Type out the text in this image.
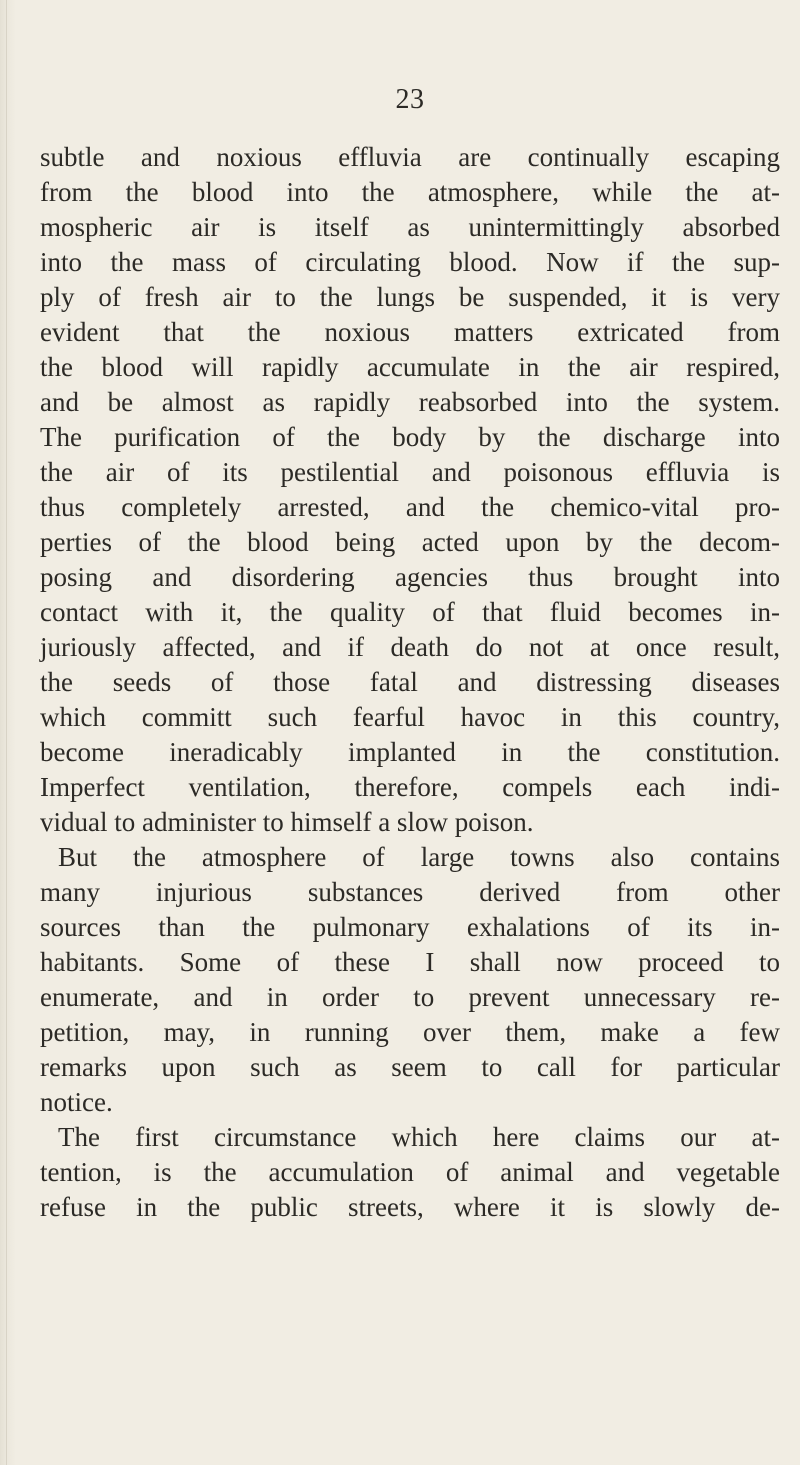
23
subtle and noxious effluvia are continually escaping
from the blood into the atmosphere, while the at-
mospheric air is itself as unintermittingly absorbed
into the mass of circulating blood. Now if the sup-
ply of fresh air to the lungs be suspended, it is very
evident that the noxious matters extricated from
the blood will rapidly accumulate in the air respired,
and be almost as rapidly reabsorbed into the system.
The purification of the body by the discharge into
the air of its pestilential and poisonous effluvia is
thus completely arrested, and the chemico-vital pro-
perties of the blood being acted upon by the decom-
posing and disordering agencies thus brought into
contact with it, the quality of that fluid becomes in-
juriously affected, and if death do not at once result,
the seeds of those fatal and distressing diseases
which committ such fearful havoc in this country,
become ineradicably implanted in the constitution.
Imperfect ventilation, therefore, compels each indi-
vidual to administer to himself a slow poison.
But the atmosphere of large towns also contains
many injurious substances derived from other
sources than the pulmonary exhalations of its in-
habitants. Some of these I shall now proceed to
enumerate, and in order to prevent unnecessary re-
petition, may, in running over them, make a few
remarks upon such as seem to call for particular
notice.
The first circumstance which here claims our at-
tention, is the accumulation of animal and vegetable
refuse in the public streets, where it is slowly de-
